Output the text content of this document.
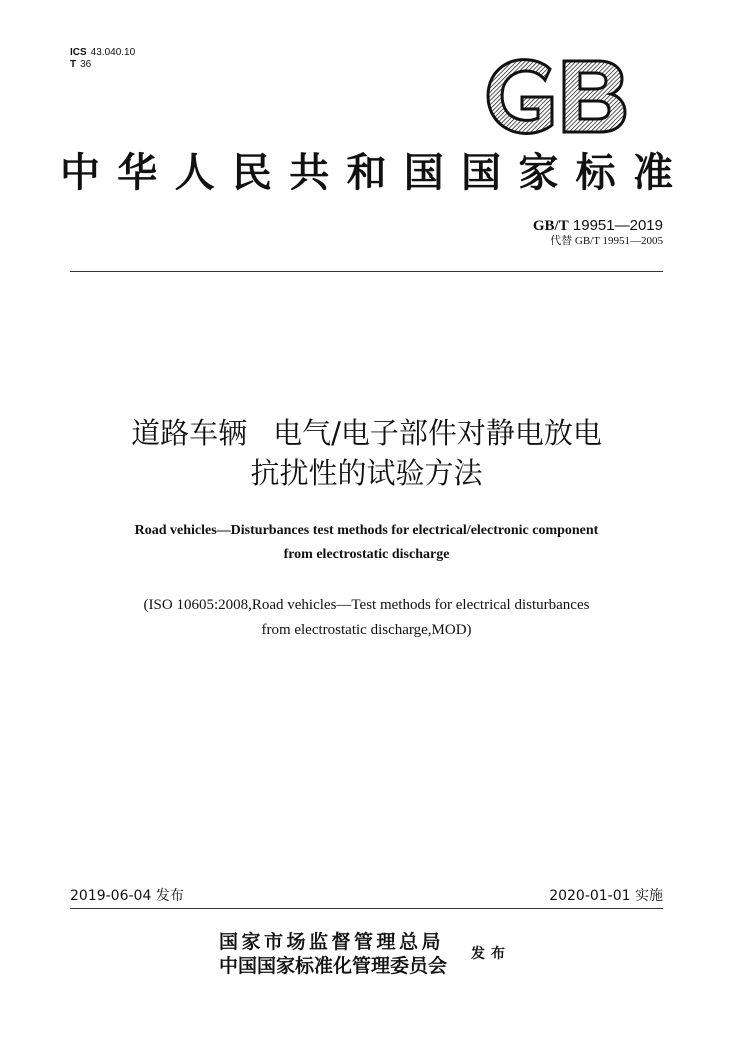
ICS 43.040.10
T 36
中 华 人 民 共 和 国 国 家 标 准
GB/T 19951—2019
代替 GB/T 19951—2005
道路车辆 电气/电子部件对静电放电
抗扰性的试验方法
Road vehicles—Disturbances test methods for electrical/electronic component
from electrostatic discharge
(ISO 10605:2008,Road vehicles—Test methods for electrical disturbances
from electrostatic discharge,MOD)
2019-06-04 发布	2020-01-01 实施
国家市场监督管理总局
中国国家标准化管理委员会
发布
